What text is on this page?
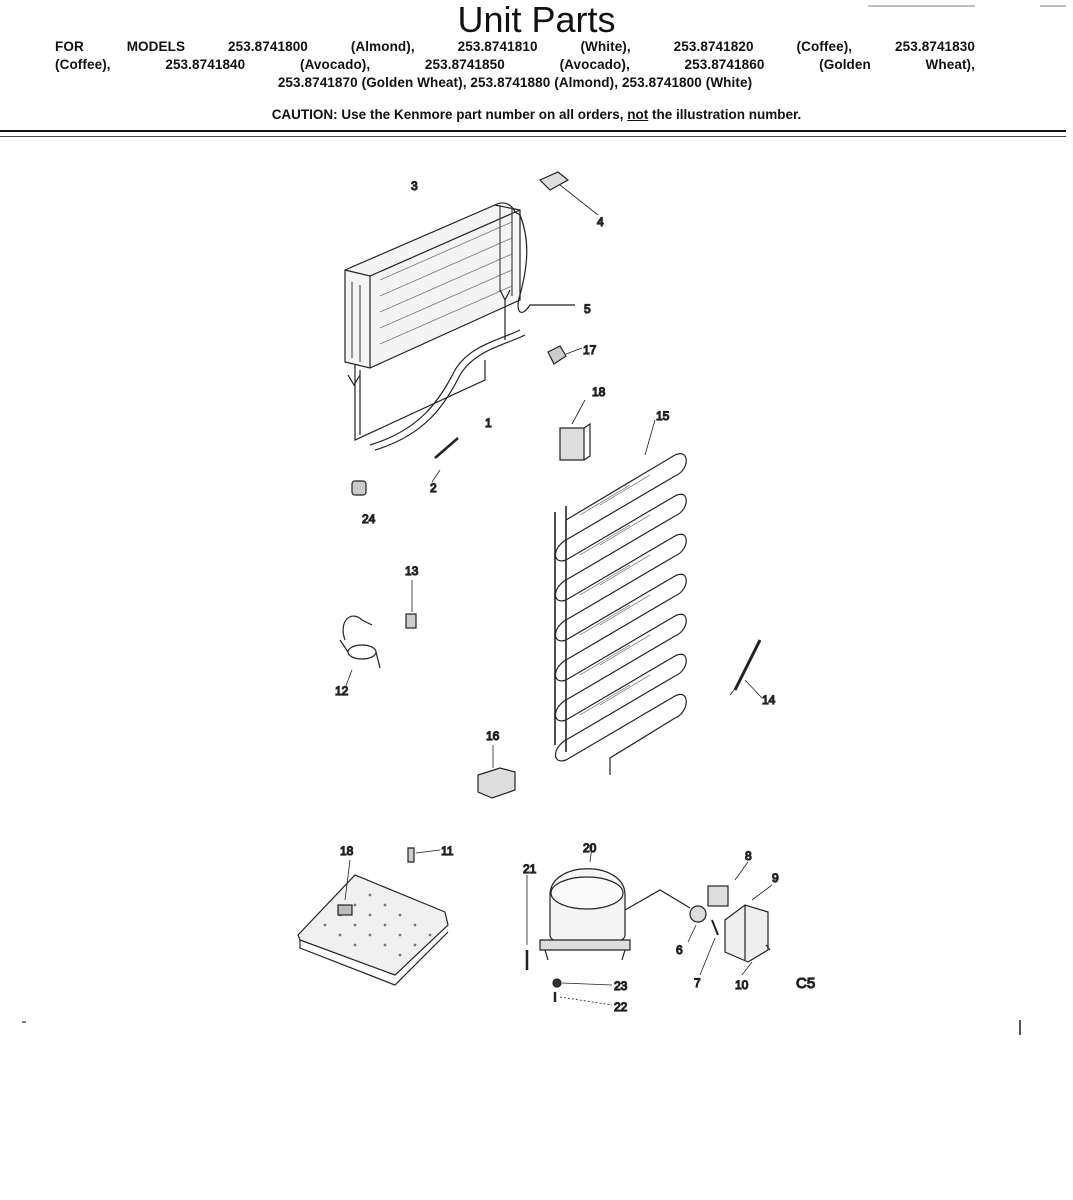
Unit Parts
FOR MODELS 253.8741800 (Almond), 253.8741810 (White), 253.8741820 (Coffee), 253.8741830
(Coffee), 253.8741840 (Avocado), 253.8741850 (Avocado), 253.8741860 (Golden Wheat),
253.8741870 (Golden Wheat), 253.8741880 (Almond), 253.8741800 (White)
CAUTION: Use the Kenmore part number on all orders, not the illustration number.
3
4
5
17
18
15
1
2
24
13
12
14
16
18	11	20
8
21
9
6
7	10
23
22
C5
